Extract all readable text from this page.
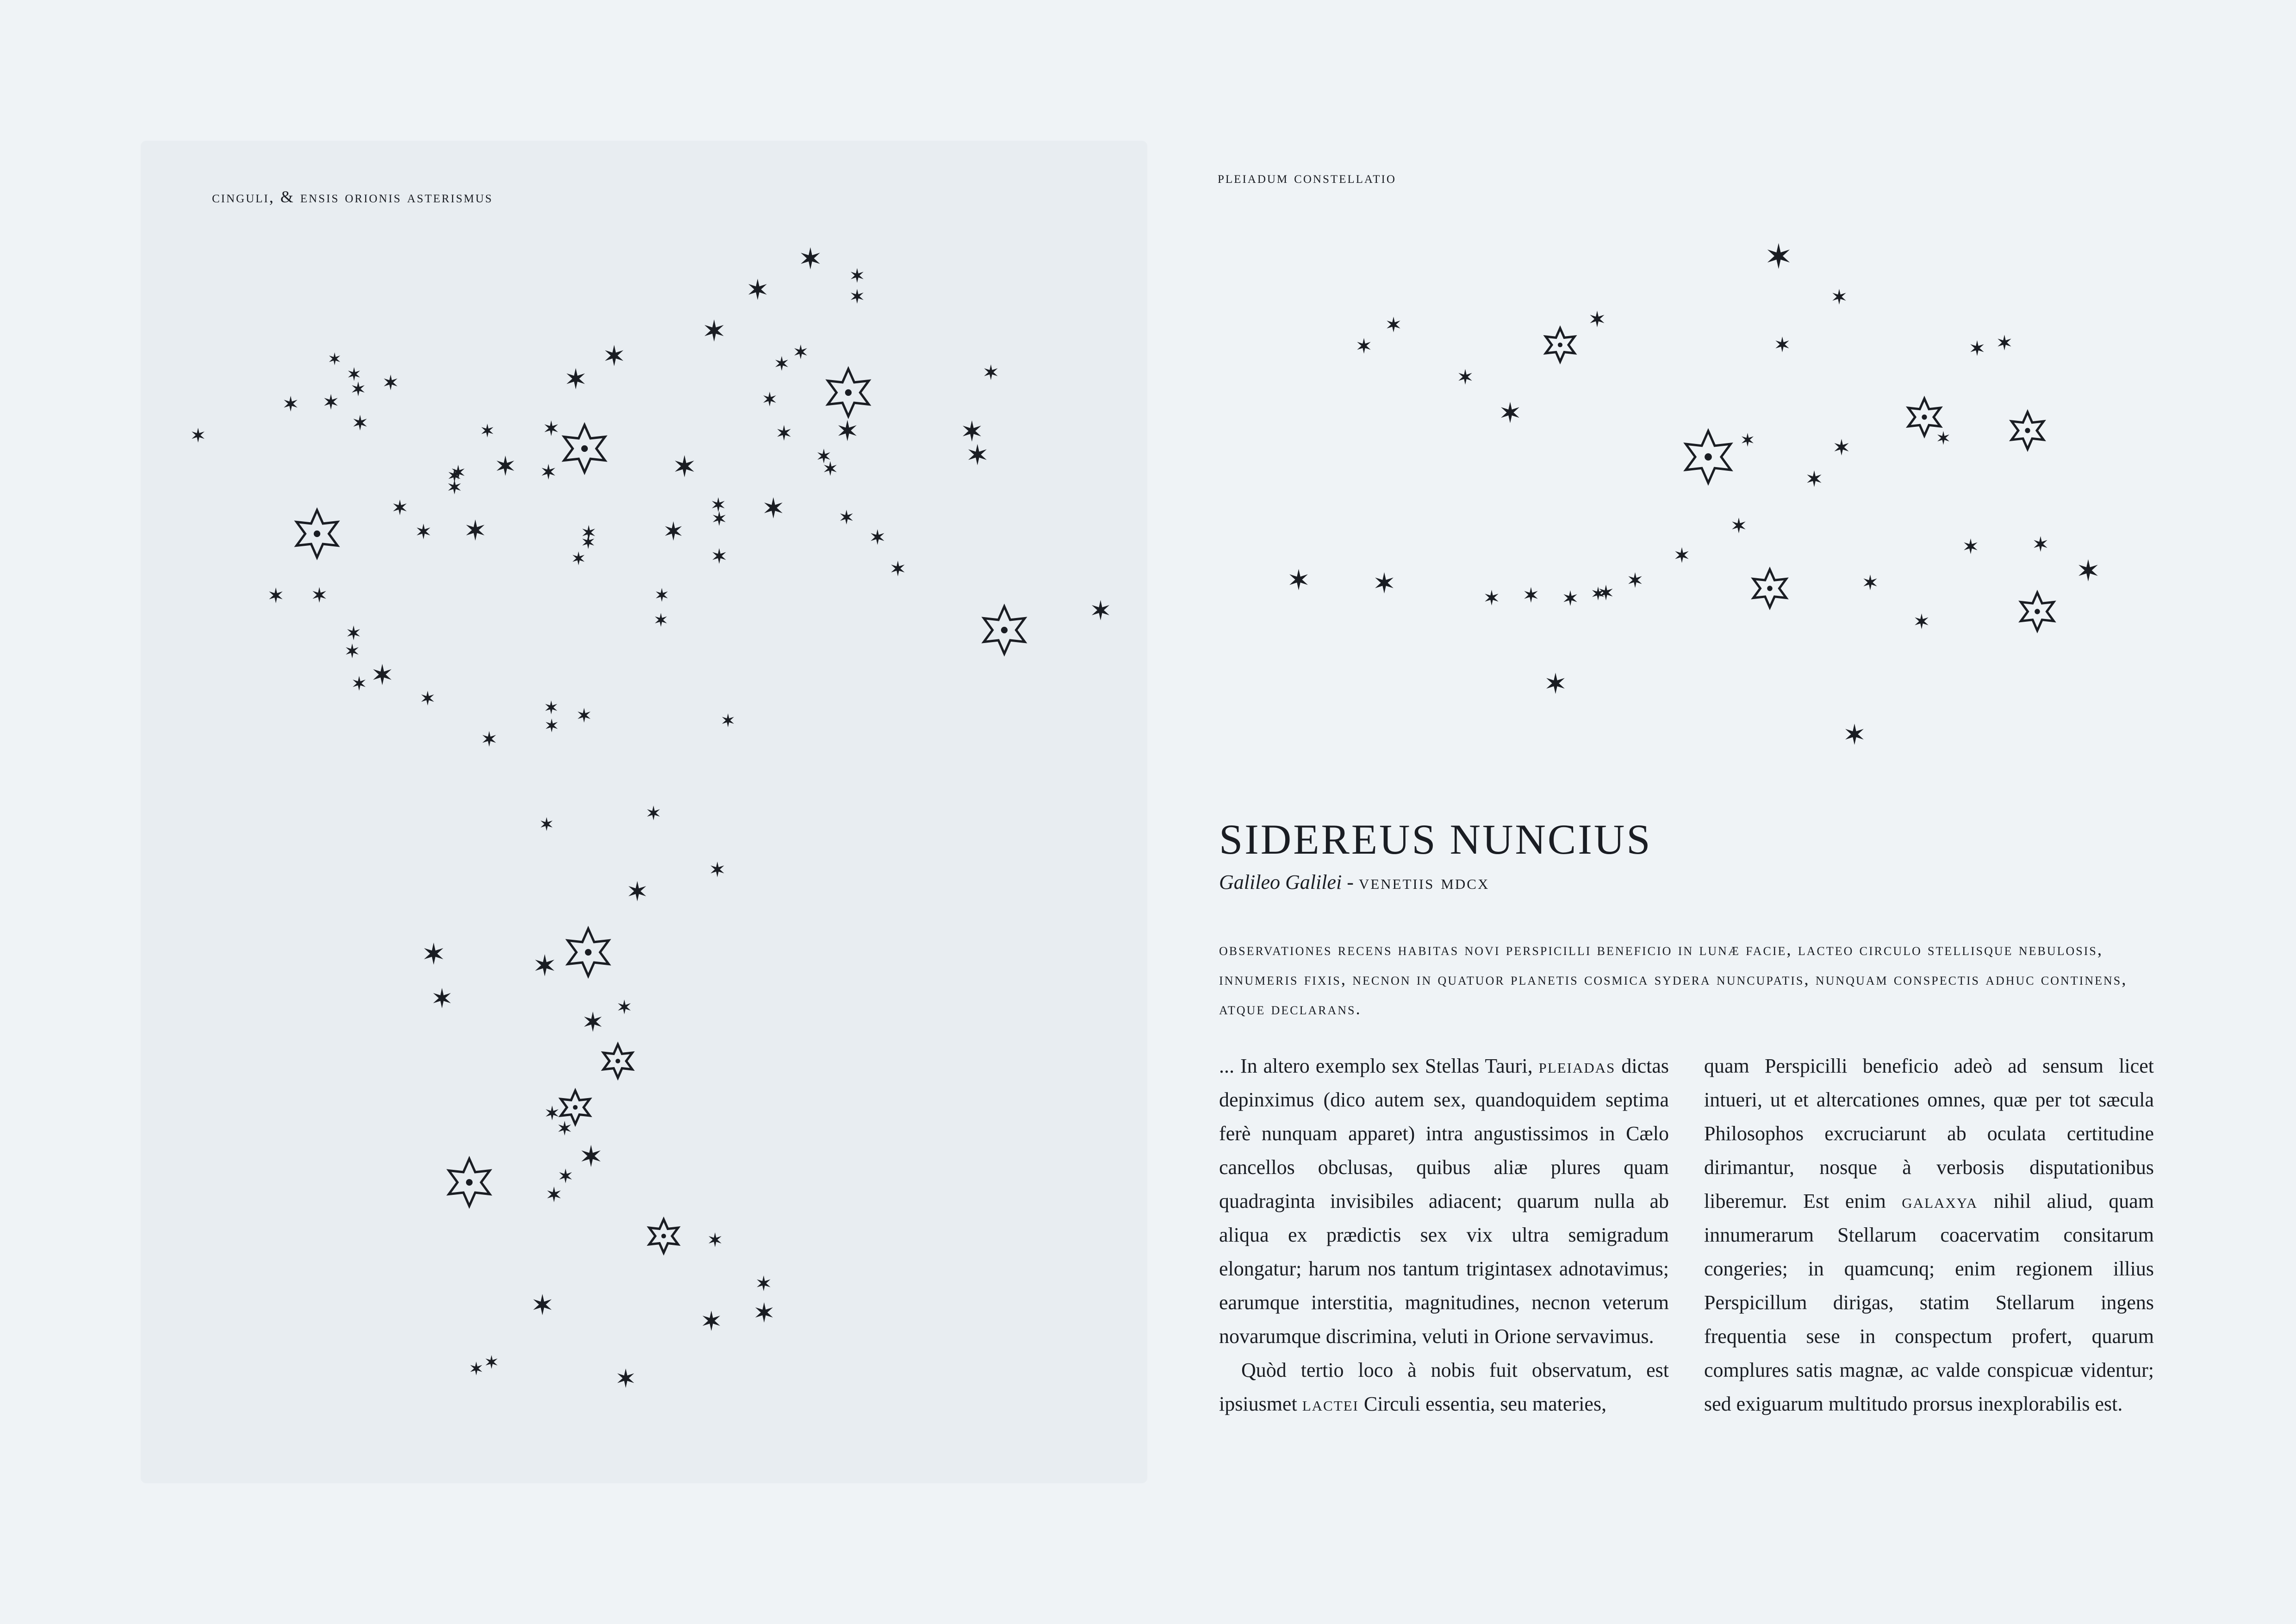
cinguli, & ensis orionis asterismus
pleiadum constellatio
SIDEREUS NUNCIUS
Galileo Galilei - venetiis mdcx

observationes recens habitas novi perspicilli beneficio in lunæ facie, lacteo circulo stellisque nebulosis, innumeris fixis, necnon in quatuor planetis cosmica sydera nuncupatis, nunquam conspectis adhuc continens, atque declarans.

... In altero exemplo sex Stellas Tauri, pleiadas dictas depinximus (dico autem sex, quandoquidem septima ferè nunquam apparet) intra angustissimos in Cælo cancellos obclusas, quibus aliæ plures quam quadraginta invisibiles adiacent; quarum nulla ab aliqua ex prædictis sex vix ultra semigradum elongatur; harum nos tantum trigintasex adnotavimus; earumque interstitia, magnitudines, necnon veterum novarumque discrimina, veluti in Orione servavimus.

Quòd tertio loco à nobis fuit observatum, est ipsiusmet lactei Circuli essentia, seu materies,

quam Perspicilli beneficio adeò ad sensum licet intueri, ut et altercationes omnes, quæ per tot sæcula Philosophos excruciarunt ab oculata certitudine dirimantur, nosque à verbosis disputationibus liberemur. Est enim galaxya nihil aliud, quam innumerarum Stellarum coacervatim consitarum congeries; in quamcunq; enim regionem illius Perspicillum dirigas, statim Stellarum ingens frequentia sese in conspectum profert, quarum complures satis magnæ, ac valde conspicuæ videntur; sed exiguarum multitudo prorsus inexplorabilis est.
